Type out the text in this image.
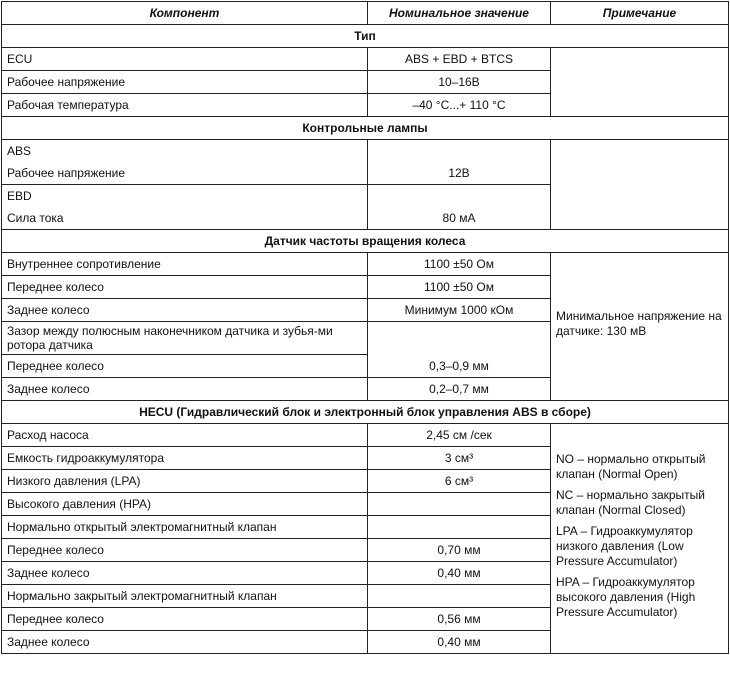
Компонент	Номинальное значение	Примечание
Тип		
ECU	ABS + EBD + BTCS	
Рабочее напряжение	10–16В	
Рабочая температура	–40 °C...+ 110 °C	
Контрольные лампы		
ABS		
Рабочее напряжение	12В	
EBD		
Сила тока	80 мА	
Датчик частоты вращения колеса		
Внутреннее сопротивление	1100 ±50 Ом	Минимальное напряжение на датчике: 130 мВ

Переднее колесо	1100 ±50 Ом	
Заднее колесо	Минимум 1000 кОм	
Зазор между полюсным наконечником датчика и зубья-ми ротора датчика		
Переднее колесо	0,3–0,9 мм	
Заднее колесо	0,2–0,7 мм	
HECU (Гидравлический блок и электронный блок управления ABS в сборе)		
Расход насоса	2,45 см /сек	NO – нормально открытый клапан (Normal Open)

NC – нормально закрытый клапан (Normal Closed)

LPA – Гидроаккумулятор низкого давления (Low Pressure Accumulator)

HPA – Гидроаккумулятор высокого давления (High Pressure Accumulator)

Емкость гидроаккумулятора	3 см³	
Низкого давления (LPA)	6 см³	
Высокого давления (HPA)		
Нормально открытый электромагнитный клапан		
Переднее колесо	0,70 мм	
Заднее колесо	0,40 мм	
Нормально закрытый электромагнитный клапан		
Переднее колесо	0,56 мм	
Заднее колесо	0,40 мм	
